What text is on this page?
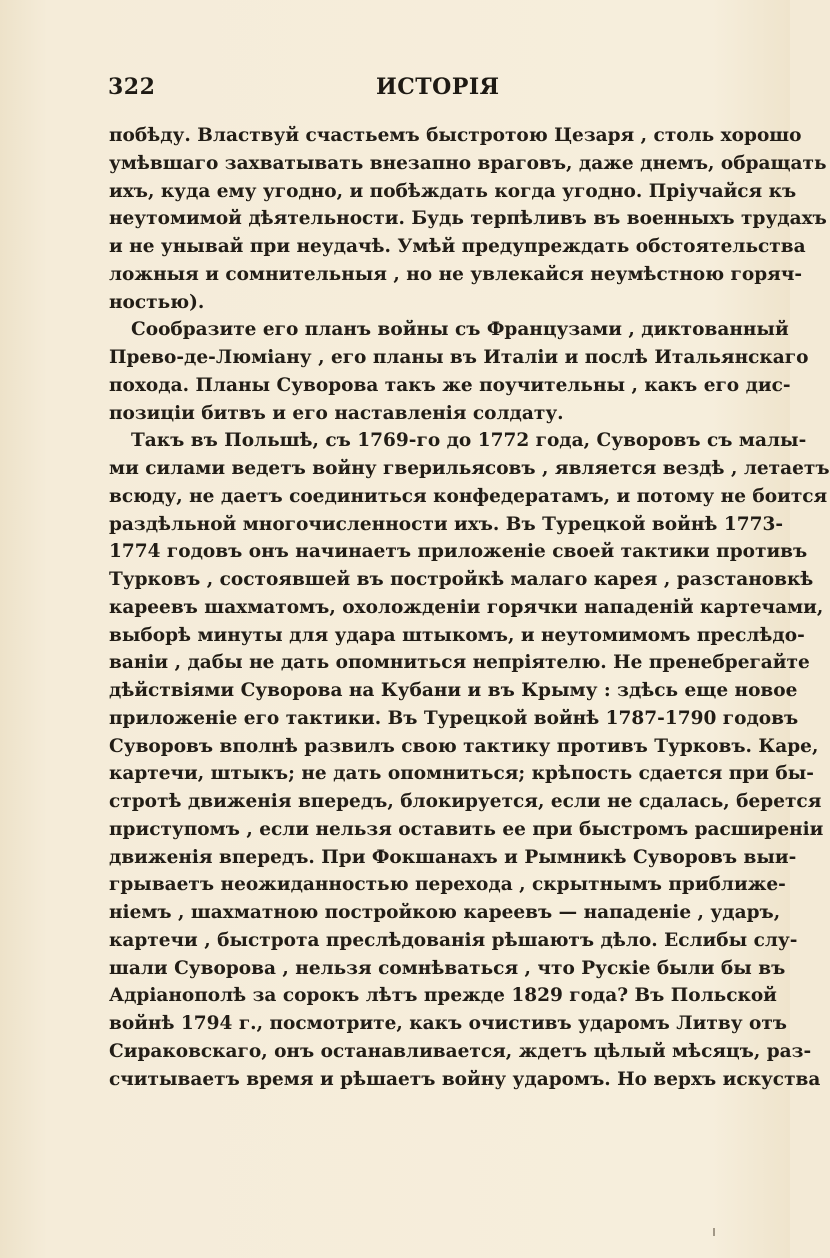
322	ИСТОРІЯ
побѣду. Властвуй счастьемъ быстротою Цезаря , столь хорошо
умѣвшаго захватывать внезапно враговъ, даже днемъ, обращать
ихъ, куда ему угодно, и побѣждать когда угодно. Пріучайся къ
неутомимой дѣятельности. Будь терпѣливъ въ военныхъ трудахъ
и не унывай при неудачѣ. Умѣй предупреждать обстоятельства
ложныя и сомнительныя , но не увлекайся неумѣстною горяч-
ностью).
Сообразите его планъ войны съ Французами , диктованный
Прево-де-Люміану , его планы въ Италіи и послѣ Итальянскаго
похода. Планы Суворова такъ же поучительны , какъ его дис-
позиціи битвъ и его наставленія солдату.
Такъ въ Польшѣ, съ 1769-го до 1772 года, Суворовъ съ малы-
ми силами ведетъ войну гверильясовъ , является вездѣ , летаетъ
всюду, не даетъ соединиться конфедератамъ, и потому не боится
раздѣльной многочисленности ихъ. Въ Турецкой войнѣ 1773-
1774 годовъ онъ начинаетъ приложеніе своей тактики противъ
Турковъ , состоявшей въ постройкѣ малаго карея , разстановкѣ
кареевъ шахматомъ, охоложденіи горячки нападеній картечами,
выборѣ минуты для удара штыкомъ, и неутомимомъ преслѣдо-
ваніи , дабы не дать опомниться непріятелю. Не пренебрегайте
дѣйствіями Суворова на Кубани и въ Крыму : здѣсь еще новое
приложеніе его тактики. Въ Турецкой войнѣ 1787-1790 годовъ
Суворовъ вполнѣ развилъ свою тактику противъ Турковъ. Каре,
картечи, штыкъ; не дать опомниться; крѣпость сдается при бы-
стротѣ движенія впередъ, блокируется, если не сдалась, берется
приступомъ , если нельзя оставить ее при быстромъ расширеніи
движенія впередъ. При Фокшанахъ и Рымникѣ Суворовъ выи-
грываетъ неожиданностью перехода , скрытнымъ приближе-
ніемъ , шахматною постройкою кареевъ — нападеніе , ударъ,
картечи , быстрота преслѣдованія рѣшаютъ дѣло. Еслибы слу-
шали Суворова , нельзя сомнѣваться , что Рускіе были бы въ
Адріанополѣ за сорокъ лѣтъ прежде 1829 года? Въ Польской
войнѣ 1794 г., посмотрите, какъ очистивъ ударомъ Литву отъ
Сираковскаго, онъ останавливается, ждетъ цѣлый мѣсяцъ, раз-
считываетъ время и рѣшаетъ войну ударомъ. Но верхъ искуства
